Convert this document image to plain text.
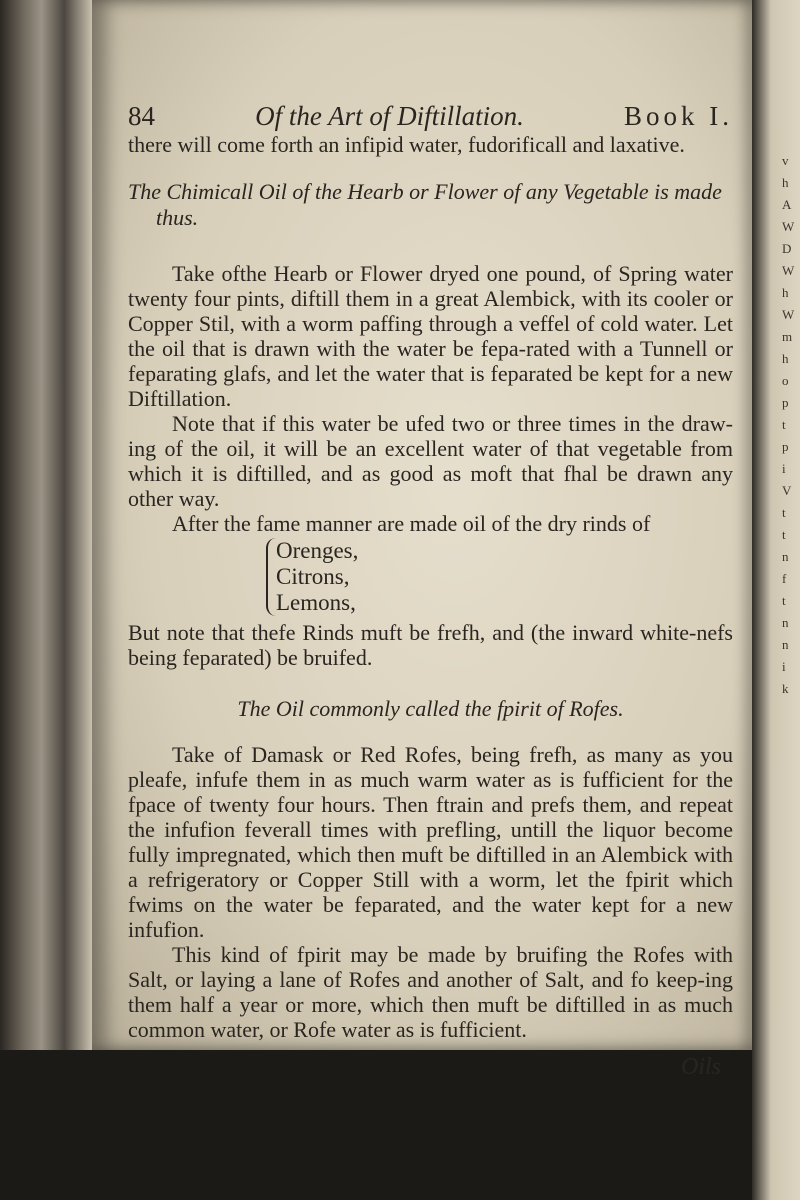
v
h
A
W
D
W
h
W
m
h
o
p
t
p
i
V
t
t
n
f
t
n
n
i
k
84	Of the Art of Diftillation.	Book I.

there will come forth an infipid water, fudorificall and laxative.

The Chimicall Oil of the Hearb or Flower of any Vegetable is made
thus.

Take ofthe Hearb or Flower dryed one pound, of Spring water twenty four pints, diftill them in a great Alembick, with its cooler or Copper Stil, with a worm paffing through a veffel of cold water. Let the oil that is drawn with the water be fepa-rated with a Tunnell or feparating glafs, and let the water that is feparated be kept for a new Diftillation.

Note that if this water be ufed two or three times in the draw-ing of the oil, it will be an excellent water of that vegetable from which it is diftilled, and as good as moft that fhal be drawn any other way.

After the fame manner are made oil of the dry rinds of

Orenges,
Citrons,
Lemons,

But note that thefe Rinds muft be frefh, and (the inward white-nefs being feparated) be bruifed.

The Oil commonly called the fpirit of Rofes.

Take of Damask or Red Rofes, being frefh, as many as you pleafe, infufe them in as much warm water as is fufficient for the fpace of twenty four hours. Then ftrain and prefs them, and repeat the infufion feverall times with prefling, untill the liquor become fully impregnated, which then muft be diftilled in an Alembick with a refrigeratory or Copper Still with a worm, let the fpirit which fwims on the water be feparated, and the water kept for a new infufion.

This kind of fpirit may be made by bruifing the Rofes with Salt, or laying a lane of Rofes and another of Salt, and fo keep-ing them half a year or more, which then muft be diftilled in as much common water, or Rofe water as is fufficient.

Oils
